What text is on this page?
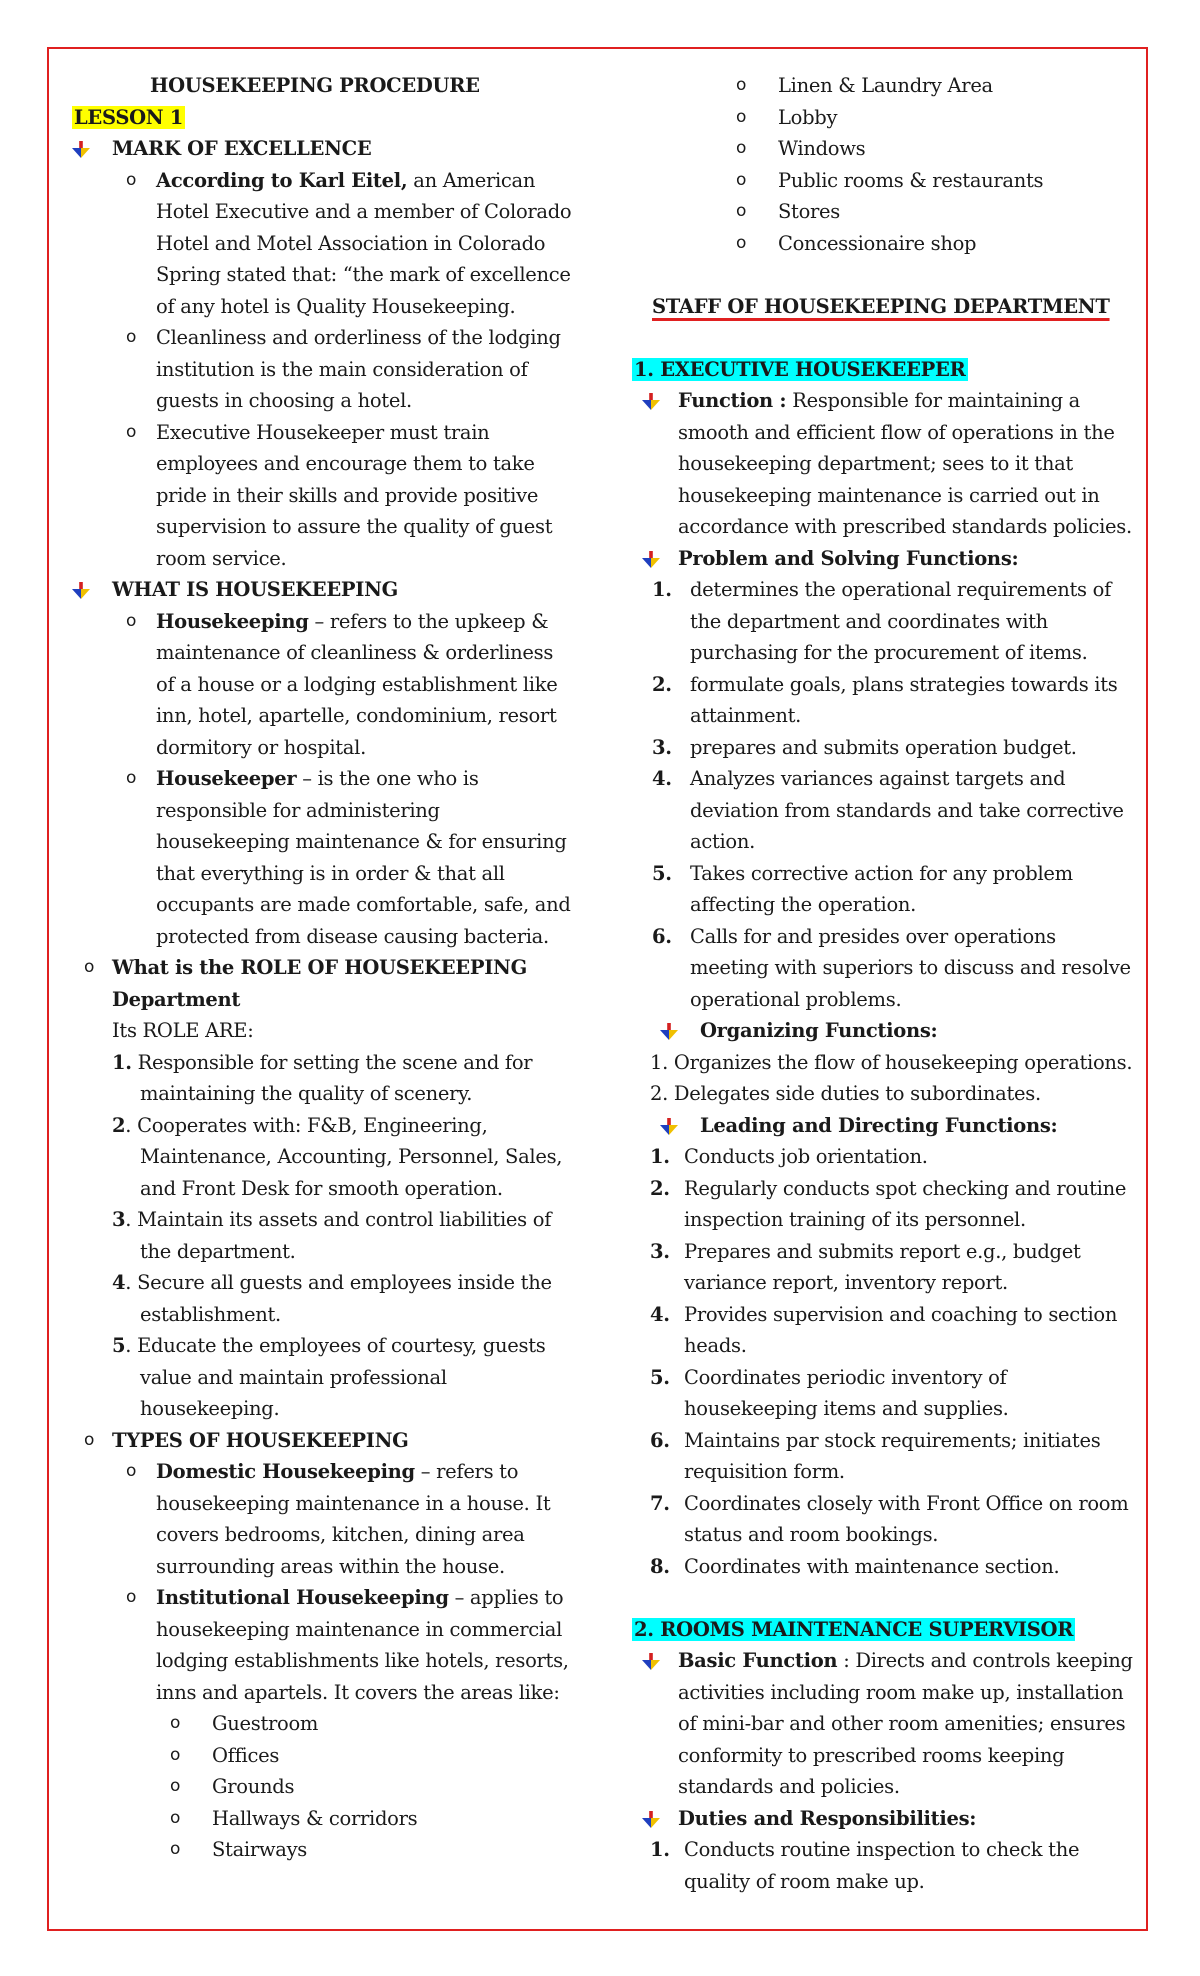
HOUSEKEEPING PROCEDURE
LESSON 1
MARK OF EXCELLENCE
o According to Karl Eitel, an American
Hotel Executive and a member of Colorado
Hotel and Motel Association in Colorado
Spring stated that: “the mark of excellence
of any hotel is Quality Housekeeping.
o Cleanliness and orderliness of the lodging
institution is the main consideration of
guests in choosing a hotel.
o Executive Housekeeper must train
employees and encourage them to take
pride in their skills and provide positive
supervision to assure the quality of guest
room service.
WHAT IS HOUSEKEEPING
o Housekeeping – refers to the upkeep &
maintenance of cleanliness & orderliness
of a house or a lodging establishment like
inn, hotel, apartelle, condominium, resort
dormitory or hospital.
o Housekeeper – is the one who is
responsible for administering
housekeeping maintenance & for ensuring
that everything is in order & that all
occupants are made comfortable, safe, and
protected from disease causing bacteria.
o What is the ROLE OF HOUSEKEEPING
Department
Its ROLE ARE:
1. Responsible for setting the scene and for
maintaining the quality of scenery.
2. Cooperates with: F&B, Engineering,
Maintenance, Accounting, Personnel, Sales,
and Front Desk for smooth operation.
3. Maintain its assets and control liabilities of
the department.
4. Secure all guests and employees inside the
establishment.
5. Educate the employees of courtesy, guests
value and maintain professional
housekeeping.
o TYPES OF HOUSEKEEPING
o Domestic Housekeeping – refers to
housekeeping maintenance in a house. It
covers bedrooms, kitchen, dining area
surrounding areas within the house.
o Institutional Housekeeping – applies to
housekeeping maintenance in commercial
lodging establishments like hotels, resorts,
inns and apartels. It covers the areas like:
o Guestroom
o Offices
o Grounds
o Hallways & corridors
o Stairways
o Linen & Laundry Area
o Lobby
o Windows
o Public rooms & restaurants
o Stores
o Concessionaire shop
STAFF OF HOUSEKEEPING DEPARTMENT
1. EXECUTIVE HOUSEKEEPER
Function : Responsible for maintaining a
smooth and efficient flow of operations in the
housekeeping department; sees to it that
housekeeping maintenance is carried out in
accordance with prescribed standards policies.
Problem and Solving Functions:
1. determines the operational requirements of
the department and coordinates with
purchasing for the procurement of items.
2. formulate goals, plans strategies towards its
attainment.
3. prepares and submits operation budget.
4. Analyzes variances against targets and
deviation from standards and take corrective
action.
5. Takes corrective action for any problem
affecting the operation.
6. Calls for and presides over operations
meeting with superiors to discuss and resolve
operational problems.
Organizing Functions:
1. Organizes the flow of housekeeping operations.
2. Delegates side duties to subordinates.
Leading and Directing Functions:
1. Conducts job orientation.
2. Regularly conducts spot checking and routine
inspection training of its personnel.
3. Prepares and submits report e.g., budget
variance report, inventory report.
4. Provides supervision and coaching to section
heads.
5. Coordinates periodic inventory of
housekeeping items and supplies.
6. Maintains par stock requirements; initiates
requisition form.
7. Coordinates closely with Front Office on room
status and room bookings.
8. Coordinates with maintenance section.
2. ROOMS MAINTENANCE SUPERVISOR
Basic Function : Directs and controls keeping
activities including room make up, installation
of mini-bar and other room amenities; ensures
conformity to prescribed rooms keeping
standards and policies.
Duties and Responsibilities:
1. Conducts routine inspection to check the
quality of room make up.
